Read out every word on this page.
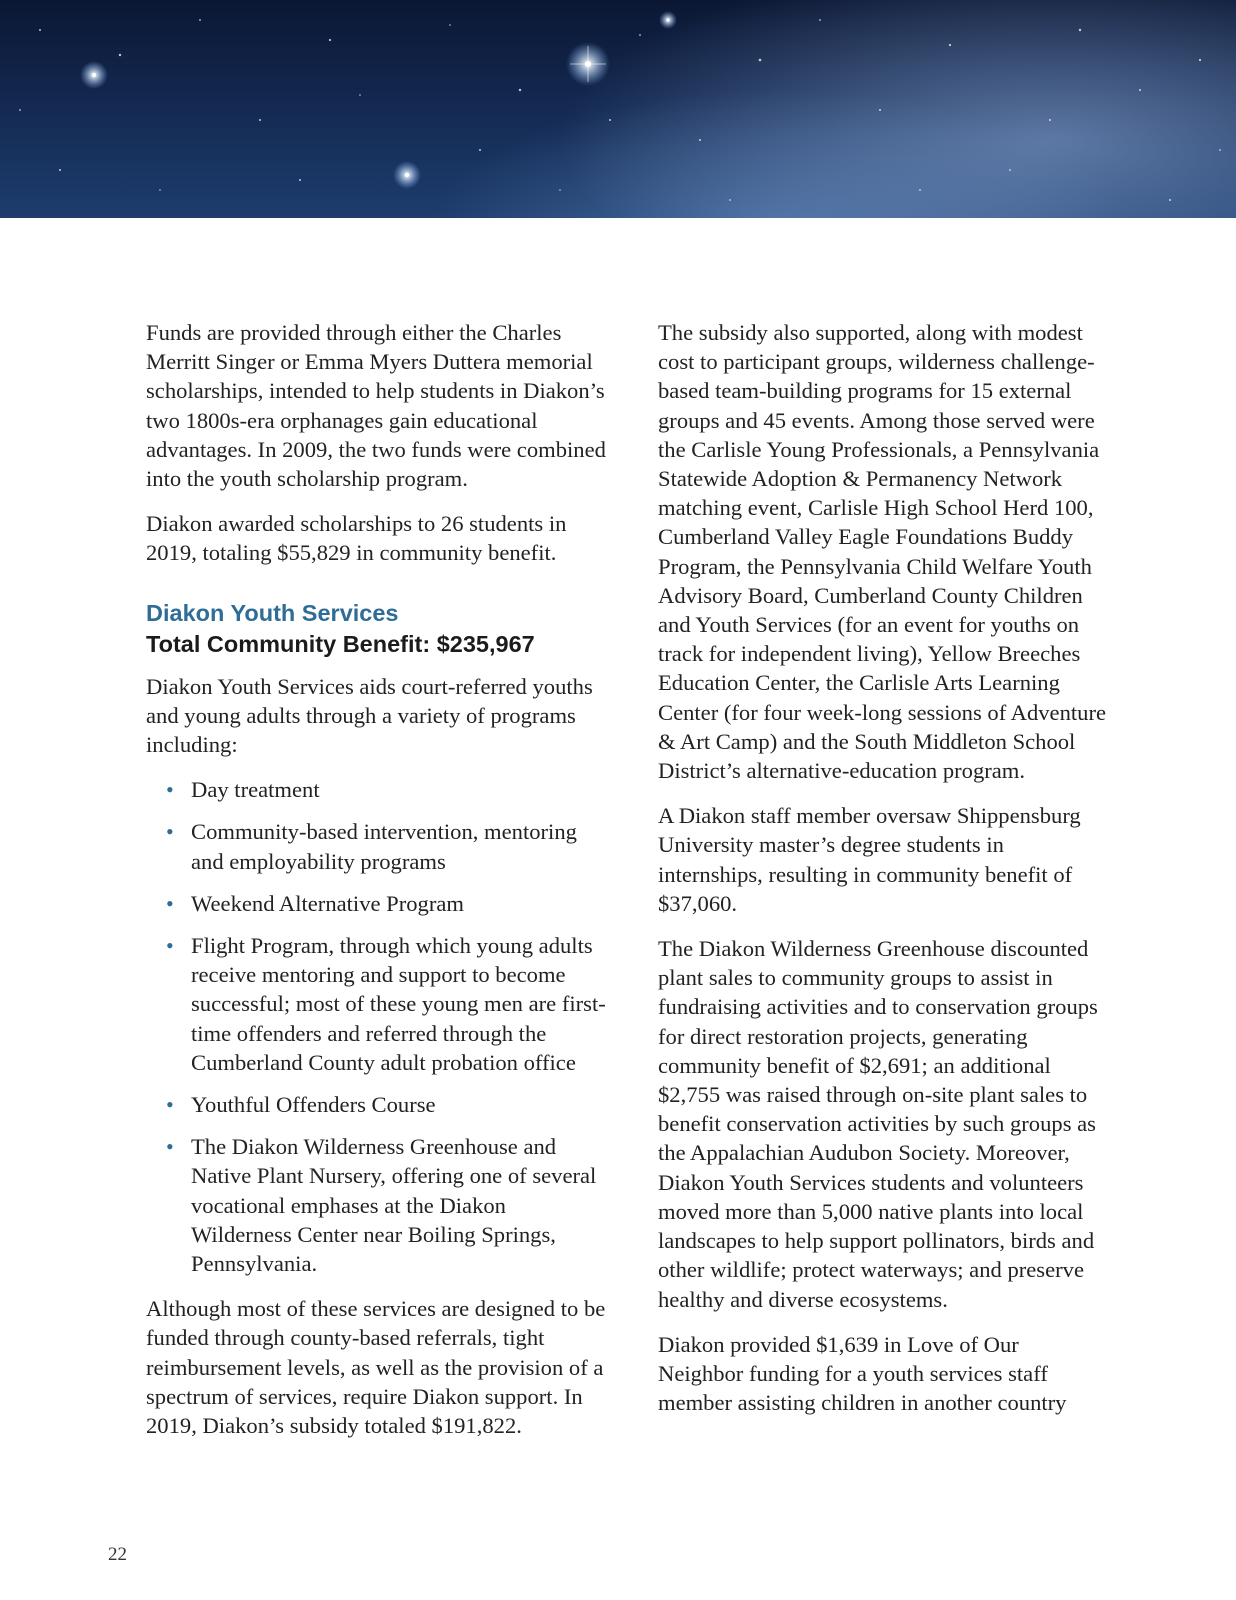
Funds are provided through either the Charles Merritt Singer or Emma Myers Duttera memorial scholarships, intended to help students in Diakon’s two 1800s-era orphanages gain educational advantages. In 2009, the two funds were combined into the youth scholarship program.

Diakon awarded scholarships to 26 students in 2019, totaling $55,829 in community benefit.

Diakon Youth Services
Total Community Benefit: $235,967

Diakon Youth Services aids court-referred youths and young adults through a variety of programs including:

• Day treatment
• Community-based intervention, mentoring and employability programs
• Weekend Alternative Program
• Flight Program, through which young adults receive mentoring and support to become successful; most of these young men are first-time offenders and referred through the Cumberland County adult probation office
• Youthful Offenders Course
• The Diakon Wilderness Greenhouse and Native Plant Nursery, offering one of several vocational emphases at the Diakon Wilderness Center near Boiling Springs, Pennsylvania.

Although most of these services are designed to be funded through county-based referrals, tight reimbursement levels, as well as the provision of a spectrum of services, require Diakon support. In 2019, Diakon’s subsidy totaled $191,822.

The subsidy also supported, along with modest cost to participant groups, wilderness challenge-based team-building programs for 15 external groups and 45 events. Among those served were the Carlisle Young Professionals, a Pennsylvania Statewide Adoption & Permanency Network matching event, Carlisle High School Herd 100, Cumberland Valley Eagle Foundations Buddy Program, the Pennsylvania Child Welfare Youth Advisory Board, Cumberland County Children and Youth Services (for an event for youths on track for independent living), Yellow Breeches Education Center, the Carlisle Arts Learning Center (for four week-long sessions of Adventure & Art Camp) and the South Middleton School District’s alternative-education program.

A Diakon staff member oversaw Shippensburg University master’s degree students in internships, resulting in community benefit of $37,060.

The Diakon Wilderness Greenhouse discounted plant sales to community groups to assist in fundraising activities and to conservation groups for direct restoration projects, generating community benefit of $2,691; an additional $2,755 was raised through on-site plant sales to benefit conservation activities by such groups as the Appalachian Audubon Society. Moreover, Diakon Youth Services students and volunteers moved more than 5,000 native plants into local landscapes to help support pollinators, birds and other wildlife; protect waterways; and preserve healthy and diverse ecosystems.

Diakon provided $1,639 in Love of Our Neighbor funding for a youth services staff member assisting children in another country

22
